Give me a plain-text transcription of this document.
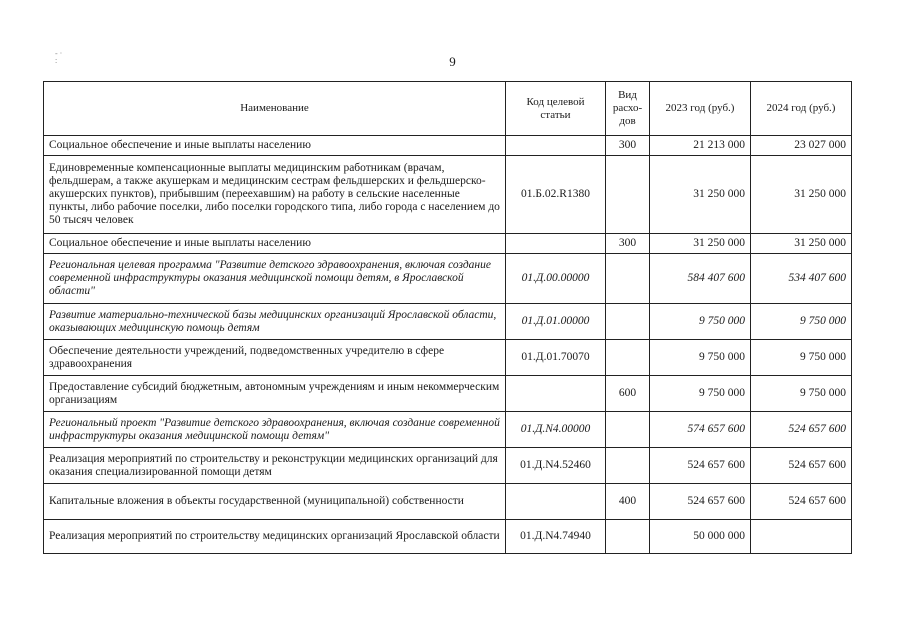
9
- ·
:
Наименование	Код целевой статьи	Вид расхо-дов	2023 год (руб.)	2024 год (руб.)
Социальное обеспечение и иные выплаты населению		300	21 213 000	23 027 000
Единовременные компенсационные выплаты медицинским работникам (врачам, фельдшерам, а также акушеркам и медицинским сестрам фельдшерских и фельдшерско-акушерских пунктов), прибывшим (переехавшим) на работу в сельские населенные пункты, либо рабочие поселки, либо поселки городского типа, либо города с населением до 50 тысяч человек	01.Б.02.R1380		31 250 000	31 250 000
Социальное обеспечение и иные выплаты населению		300	31 250 000	31 250 000
Региональная целевая программа "Развитие детского здравоохранения, включая создание современной инфраструктуры оказания медицинской помощи детям, в Ярославской области"	01.Д.00.00000		584 407 600	534 407 600
Развитие материально-технической базы медицинских организаций Ярославской области, оказывающих медицинскую помощь детям	01.Д.01.00000		9 750 000	9 750 000
Обеспечение деятельности учреждений, подведомственных учредителю в сфере здравоохранения	01.Д.01.70070		9 750 000	9 750 000
Предоставление субсидий бюджетным, автономным учреждениям и иным некоммерческим организациям		600	9 750 000	9 750 000
Региональный проект "Развитие детского здравоохранения, включая создание современной инфраструктуры оказания медицинской помощи детям"	01.Д.N4.00000		574 657 600	524 657 600
Реализация мероприятий по строительству и реконструкции медицинских организаций для оказания специализированной помощи детям	01.Д.N4.52460		524 657 600	524 657 600
Капитальные вложения в объекты государственной (муниципальной) собственности		400	524 657 600	524 657 600
Реализация мероприятий по строительству медицинских организаций Ярославской области	01.Д.N4.74940		50 000 000	
